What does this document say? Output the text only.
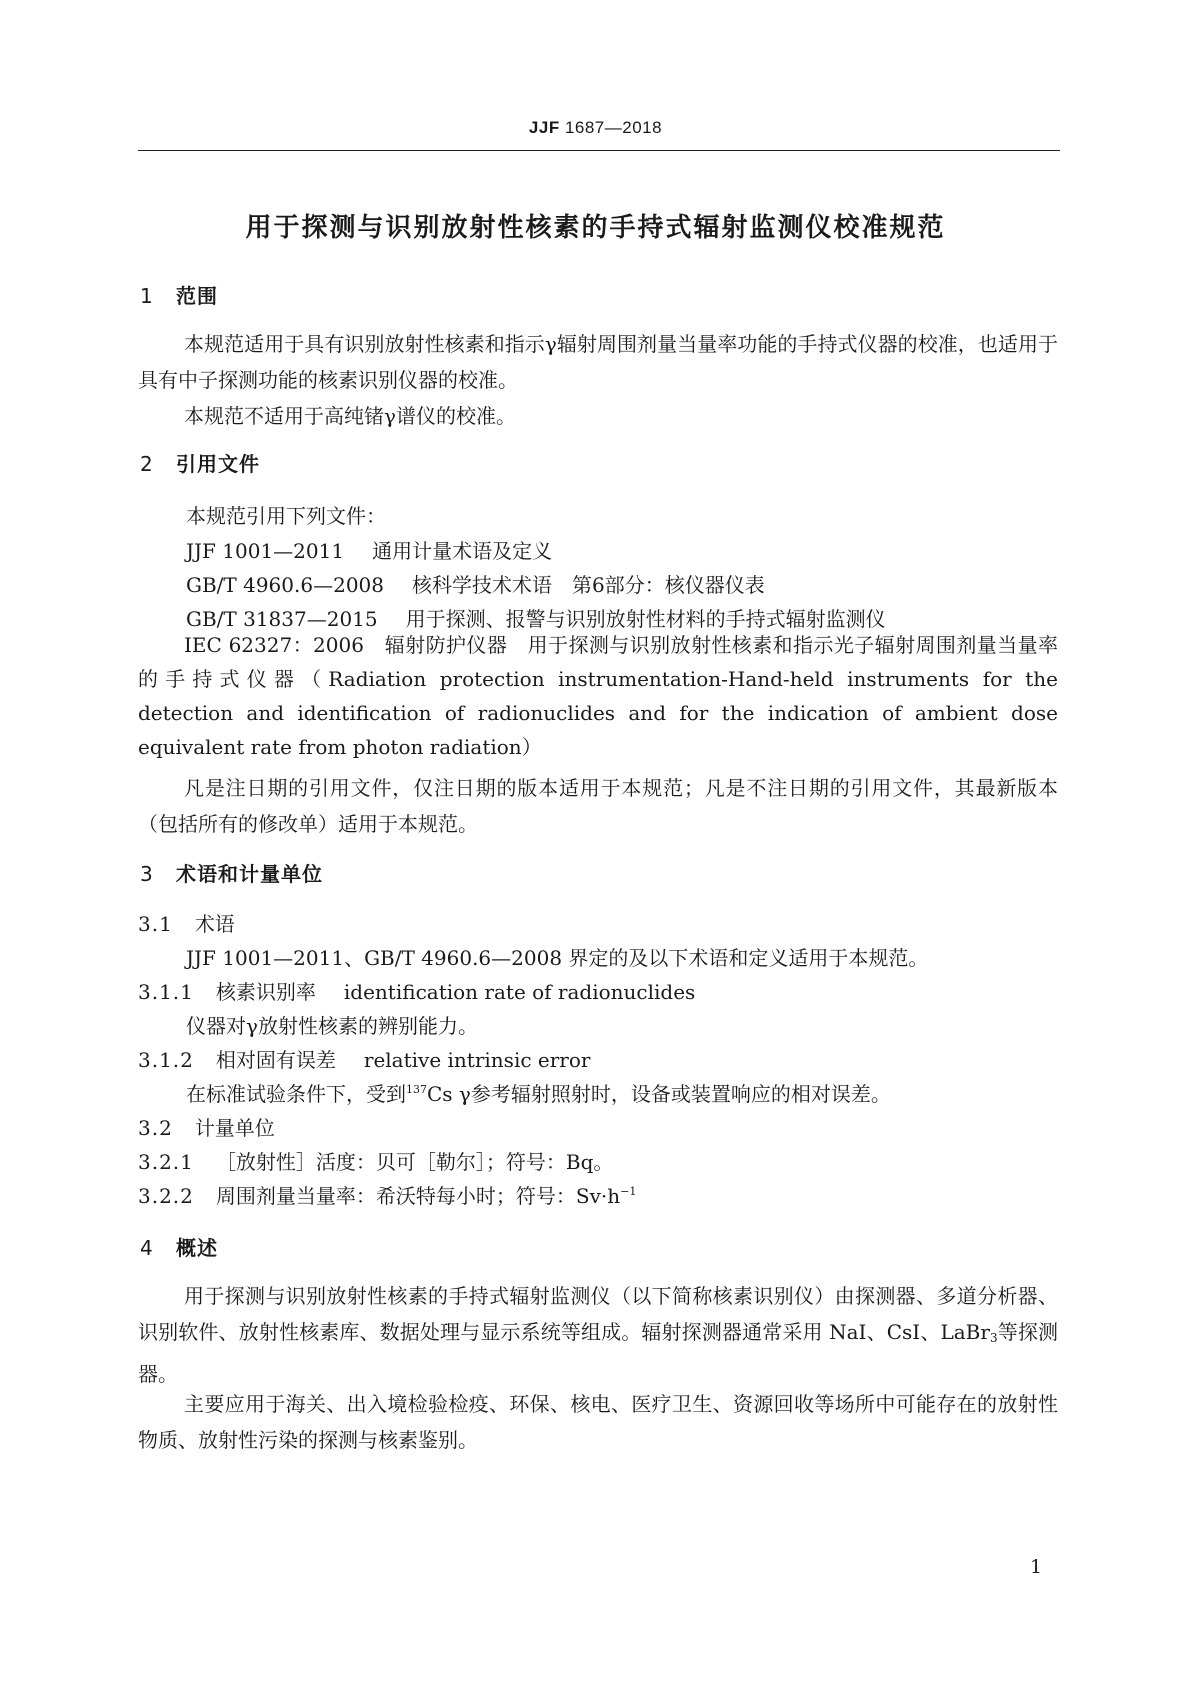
JJF 1687—2018
用于探测与识别放射性核素的手持式辐射监测仪校准规范
1 范围
本规范适用于具有识别放射性核素和指示γ辐射周围剂量当量率功能的手持式仪器的校准，也适用于具有中子探测功能的核素识别仪器的校准。
本规范不适用于高纯锗γ谱仪的校准。
2 引用文件
本规范引用下列文件：
JJF 1001—2011 通用计量术语及定义
GB/T 4960.6—2008 核科学技术术语　第6部分：核仪器仪表
GB/T 31837—2015 用于探测、报警与识别放射性材料的手持式辐射监测仪
IEC 62327：2006　辐射防护仪器　用于探测与识别放射性核素和指示光子辐射周围剂量当量率的手持式仪器（Radiation protection instrumentation-Hand-held instruments for the detection and identification of radionuclides and for the indication of ambient dose equivalent rate from photon radiation）
凡是注日期的引用文件，仅注日期的版本适用于本规范；凡是不注日期的引用文件，其最新版本（包括所有的修改单）适用于本规范。
3 术语和计量单位
3.1 术语
JJF 1001—2011、GB/T 4960.6—2008 界定的及以下术语和定义适用于本规范。
3.1.1 核素识别率 identification rate of radionuclides
仪器对γ放射性核素的辨别能力。
3.1.2 相对固有误差 relative intrinsic error
在标准试验条件下，受到$^{137}$Cs γ参考辐射照射时，设备或装置响应的相对误差。
3.2 计量单位
3.2.1 ［放射性］活度：贝可［勒尔］；符号：Bq。
3.2.2 周围剂量当量率：希沃特每小时；符号：$Sv\cdot h^{-1}$
4 概述
用于探测与识别放射性核素的手持式辐射监测仪（以下简称核素识别仪）由探测器、多道分析器、识别软件、放射性核素库、数据处理与显示系统等组成。辐射探测器通常采用 NaI、CsI、LaBr$_3$等探测器。
主要应用于海关、出入境检验检疫、环保、核电、医疗卫生、资源回收等场所中可能存在的放射性物质、放射性污染的探测与核素鉴别。
1
